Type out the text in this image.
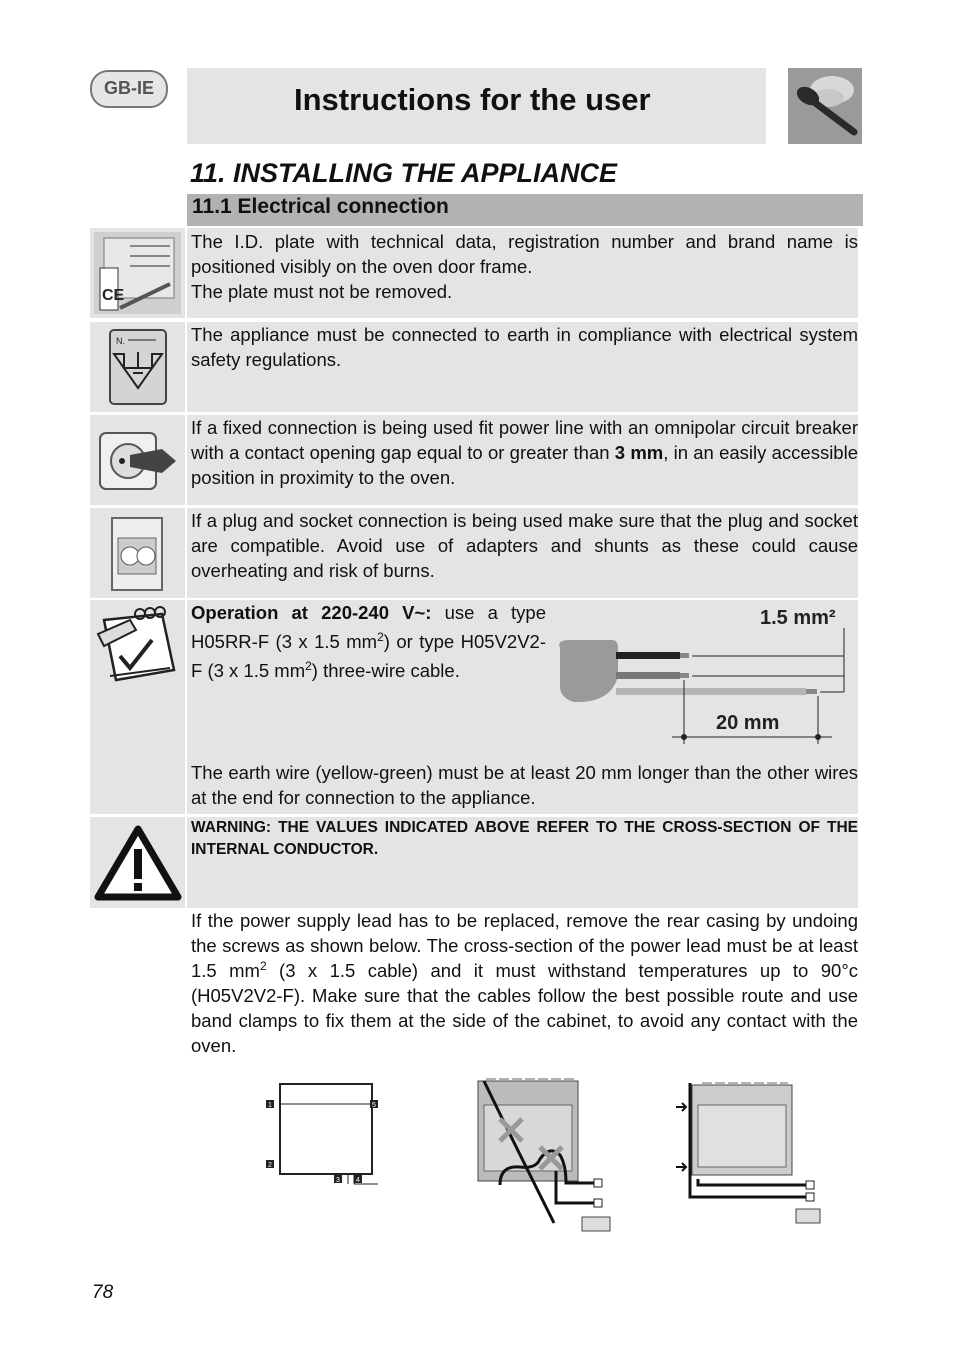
GB-IE	Instructions for the user
11. INSTALLING THE APPLIANCE
11.1 Electrical connection
CE

The I.D. plate with technical data, registration number and brand name is positioned visibly on the oven door frame.

The plate must not be removed.

N.	The appliance must be connected to earth in compliance with electrical system safety regulations.
If a fixed connection is being used fit power line with an omnipolar circuit breaker with a contact opening gap equal to or greater than 3 mm, in an easily accessible position in proximity to the oven.
If a plug and socket connection is being used make sure that the plug and socket are compatible. Avoid use of adapters and shunts as these could cause overheating and risk of burns.
Operation at 220-240 V~: use a type H05RR-F (3 x 1.5 $mm^2$) or type H05V2V2-F (3 x 1.5 $mm^2$) three-wire cable.
1.5 mm²
20 mm
The earth wire (yellow-green) must be at least 20 mm longer than the other wires at the end for connection to the appliance.
WARNING: THE VALUES INDICATED ABOVE REFER TO THE CROSS-SECTION OF THE INTERNAL CONDUCTOR.
If the power supply lead has to be replaced, remove the rear casing by undoing the screws as shown below. The cross-section of the power lead must be at least 1.5 $mm^2$ (3 x 1.5 cable) and it must withstand temperatures up to 90°c (H05V2V2-F). Make sure that the cables follow the best possible route and use band clamps to fix them at the side of the cabinet, to avoid any contact with the oven.
1
2
3 4
5
78
